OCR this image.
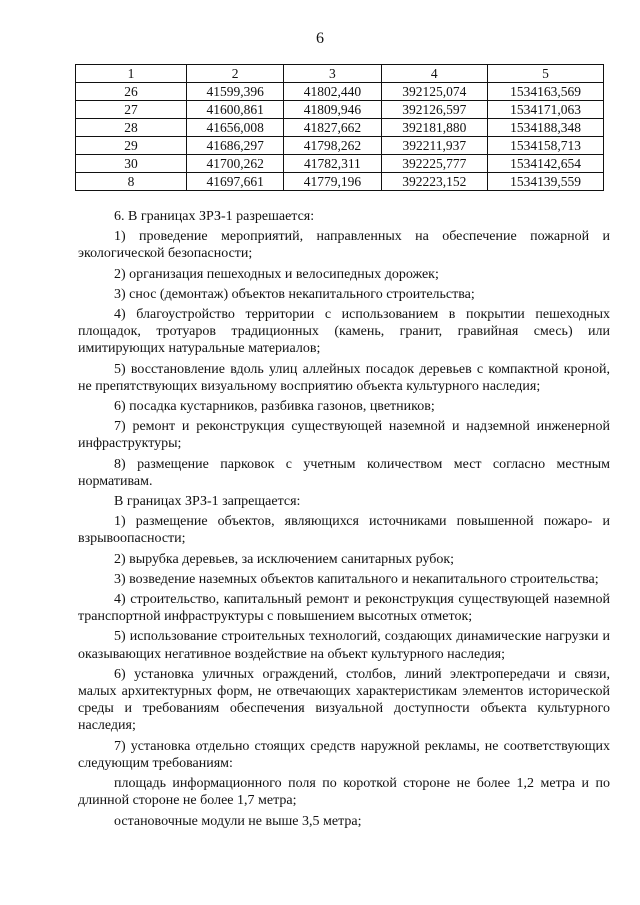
6
1	2	3	4	5
26	41599,396	41802,440	392125,074	1534163,569
27	41600,861	41809,946	392126,597	1534171,063
28	41656,008	41827,662	392181,880	1534188,348
29	41686,297	41798,262	392211,937	1534158,713
30	41700,262	41782,311	392225,777	1534142,654
8	41697,661	41779,196	392223,152	1534139,559

6. В границах ЗРЗ-1 разрешается:

1) проведение мероприятий, направленных на обеспечение пожарной и экологической безопасности;

2) организация пешеходных и велосипедных дорожек;

3) снос (демонтаж) объектов некапитального строительства;

4) благоустройство территории с использованием в покрытии пешеходных площадок, тротуаров традиционных (камень, гранит, гравийная смесь) или имитирующих натуральные материалов;

5) восстановление вдоль улиц аллейных посадок деревьев с компактной кроной, не препятствующих визуальному восприятию объекта культурного наследия;

6) посадка кустарников, разбивка газонов, цветников;

7) ремонт и реконструкция существующей наземной и надземной инженерной инфраструктуры;

8) размещение парковок с учетным количеством мест согласно местным нормативам.

В границах ЗРЗ-1 запрещается:

1) размещение объектов, являющихся источниками повышенной пожаро- и взрывоопасности;

2) вырубка деревьев, за исключением санитарных рубок;

3) возведение наземных объектов капитального и некапитального строительства;

4) строительство, капитальный ремонт и реконструкция существующей наземной транспортной инфраструктуры с повышением высотных отметок;

5) использование строительных технологий, создающих динамические нагрузки и оказывающих негативное воздействие на объект культурного наследия;

6) установка уличных ограждений, столбов, линий электропередачи и связи, малых архитектурных форм, не отвечающих характеристикам элементов исторической среды и требованиям обеспечения визуальной доступности объекта культурного наследия;

7) установка отдельно стоящих средств наружной рекламы, не соответствующих следующим требованиям:

площадь информационного поля по короткой стороне не более 1,2 метра и по длинной стороне не более 1,7 метра;

остановочные модули не выше 3,5 метра;
